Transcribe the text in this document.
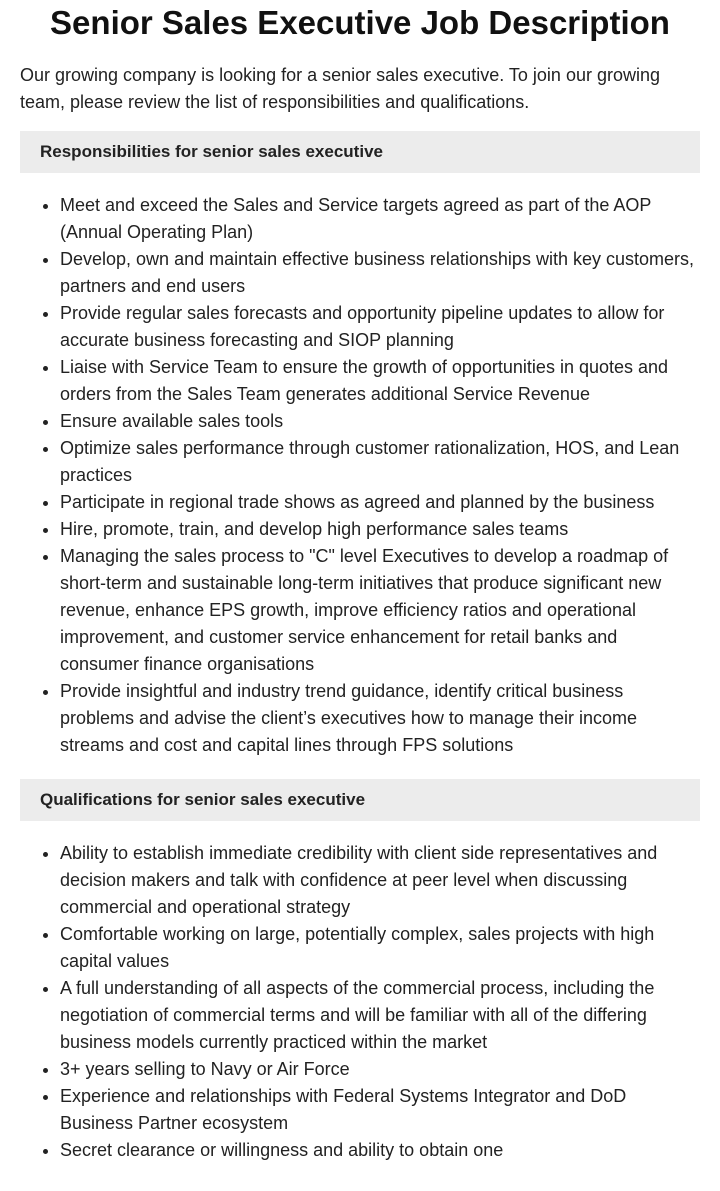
Senior Sales Executive Job Description

Our growing company is looking for a senior sales executive. To join our growing team, please review the list of responsibilities and qualifications.

Responsibilities for senior sales executive
Meet and exceed the Sales and Service targets agreed as part of the AOP (Annual Operating Plan)
Develop, own and maintain effective business relationships with key customers, partners and end users
Provide regular sales forecasts and opportunity pipeline updates to allow for accurate business forecasting and SIOP planning
Liaise with Service Team to ensure the growth of opportunities in quotes and orders from the Sales Team generates additional Service Revenue
Ensure available sales tools
Optimize sales performance through customer rationalization, HOS, and Lean practices
Participate in regional trade shows as agreed and planned by the business
Hire, promote, train, and develop high performance sales teams
Managing the sales process to "C" level Executives to develop a roadmap of short-term and sustainable long-term initiatives that produce significant new revenue, enhance EPS growth, improve efficiency ratios and operational improvement, and customer service enhancement for retail banks and consumer finance organisations
Provide insightful and industry trend guidance, identify critical business problems and advise the client’s executives how to manage their income streams and cost and capital lines through FPS solutions
Qualifications for senior sales executive
Ability to establish immediate credibility with client side representatives and decision makers and talk with confidence at peer level when discussing commercial and operational strategy
Comfortable working on large, potentially complex, sales projects with high capital values
A full understanding of all aspects of the commercial process, including the negotiation of commercial terms and will be familiar with all of the differing business models currently practiced within the market
3+ years selling to Navy or Air Force
Experience and relationships with Federal Systems Integrator and DoD Business Partner ecosystem
Secret clearance or willingness and ability to obtain one
